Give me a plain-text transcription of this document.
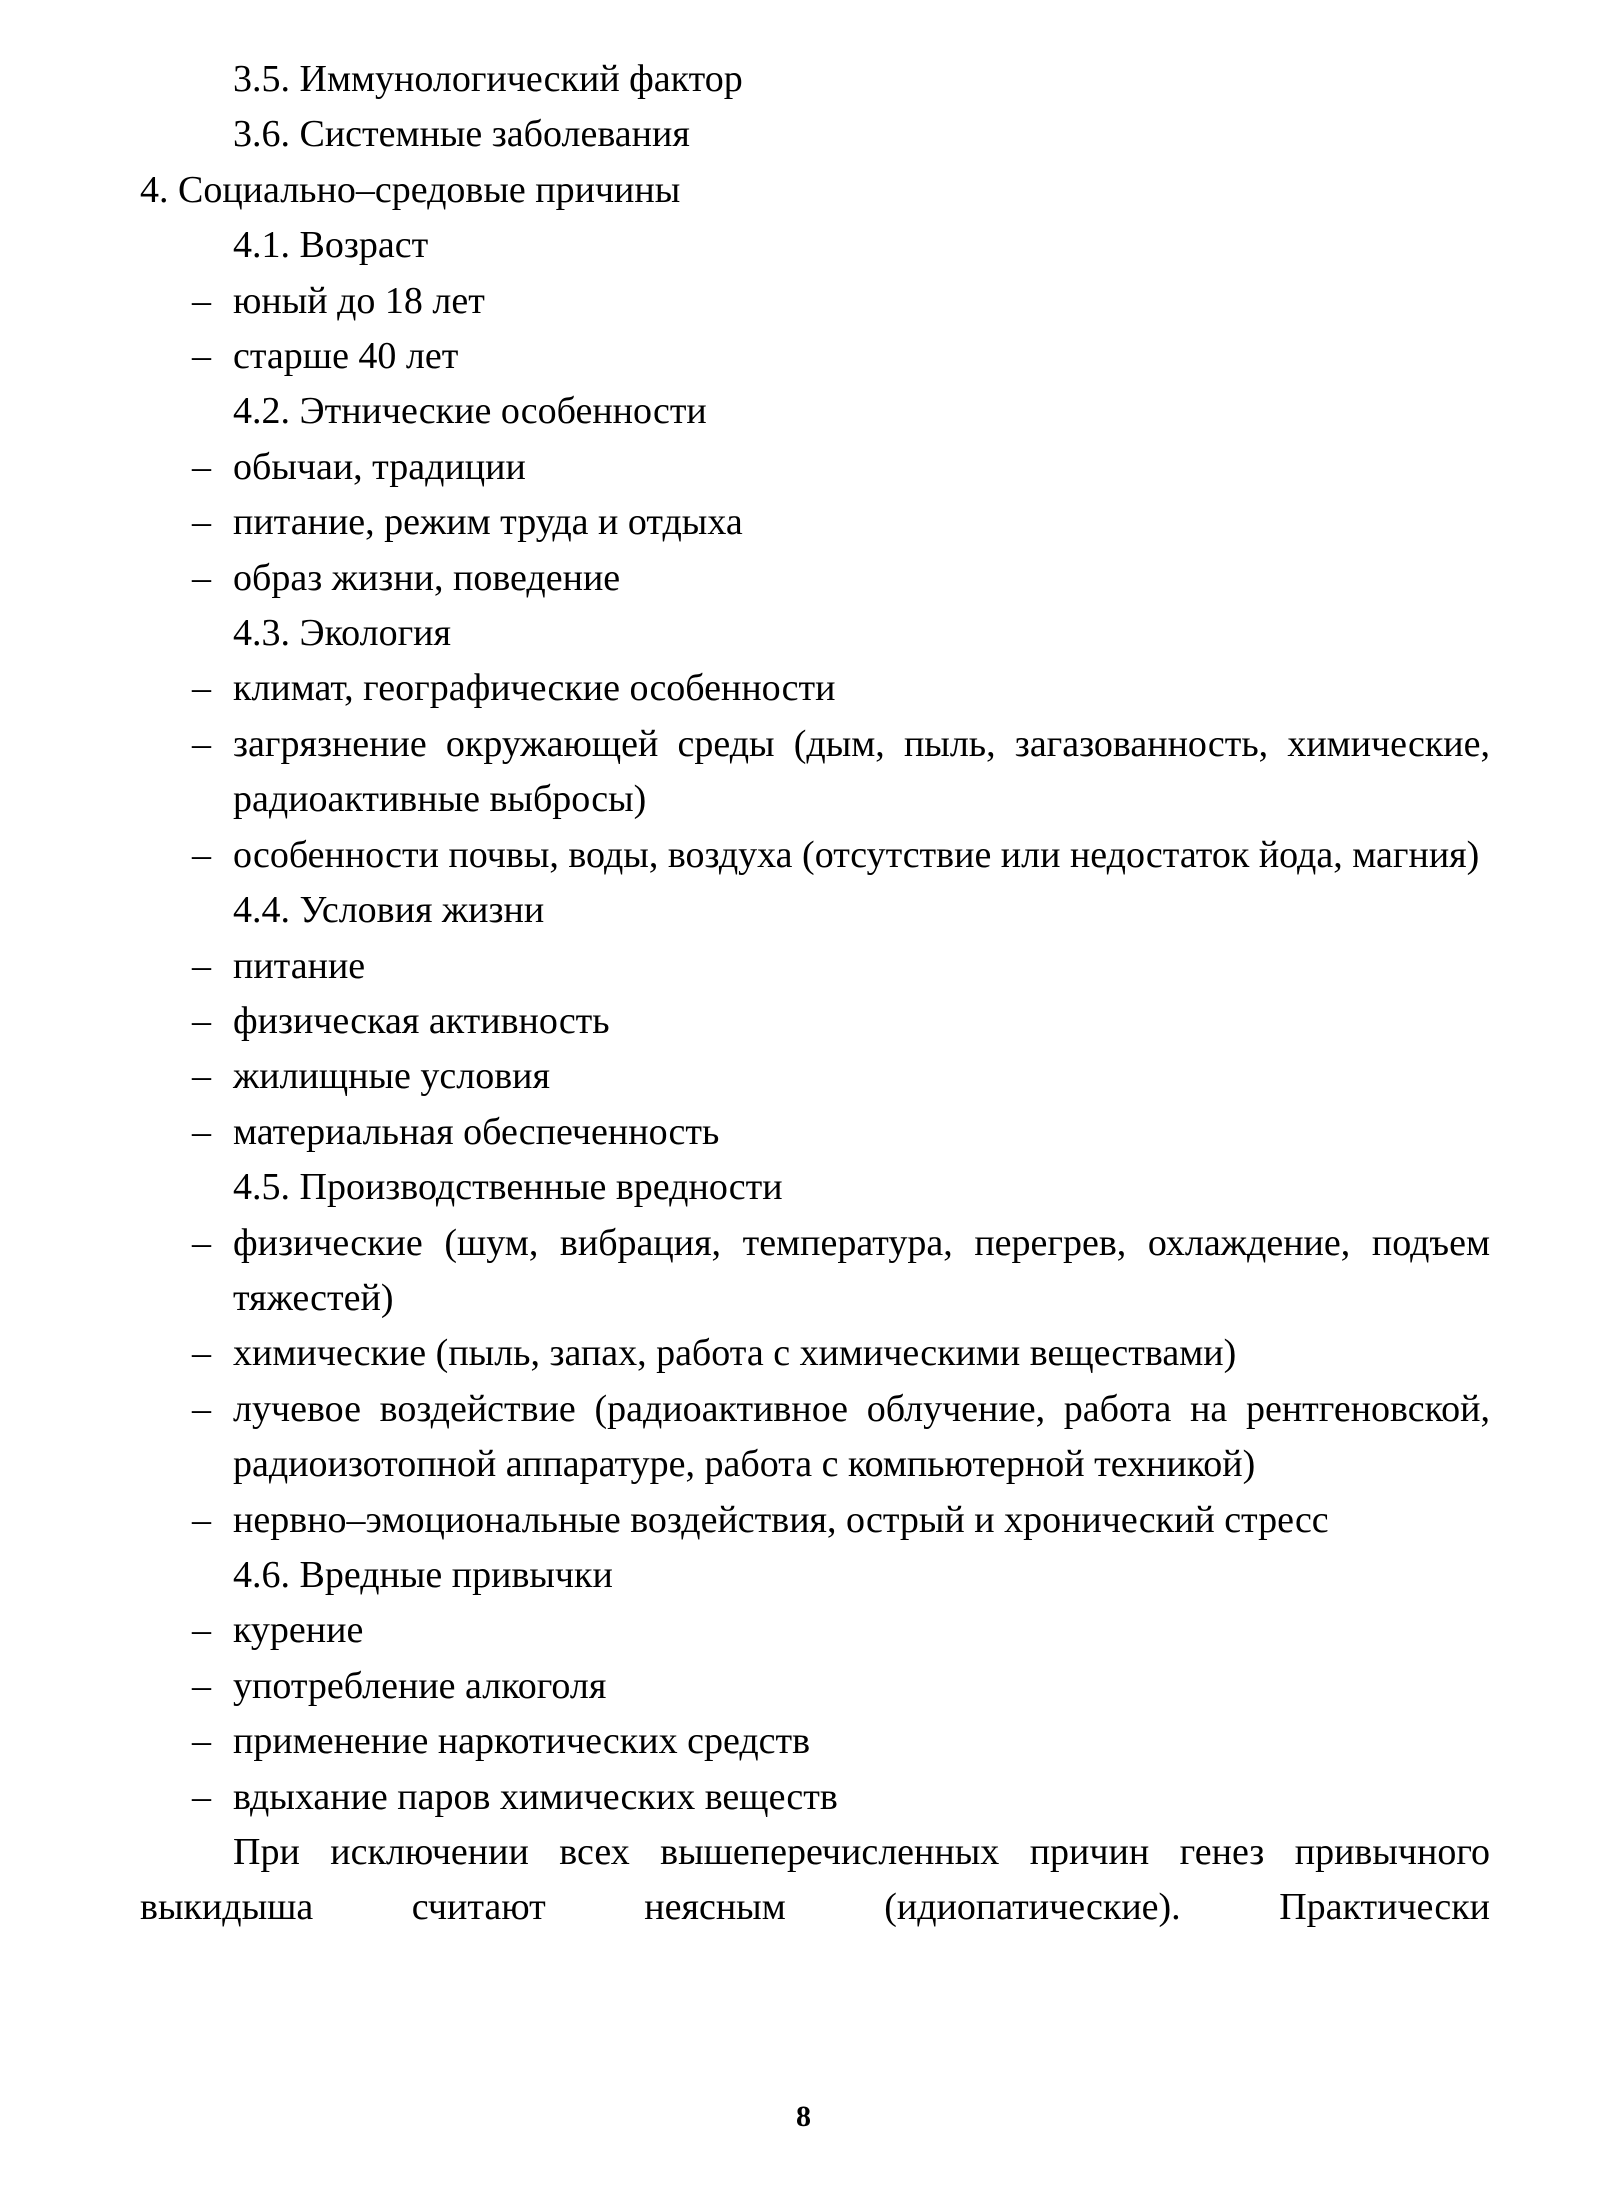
3.5. Иммунологический фактор
3.6. Системные заболевания
4. Социально–средовые причины
4.1. Возраст
– юный до 18 лет
– старше 40 лет
4.2. Этнические особенности
– обычаи, традиции
– питание, режим труда и отдыха
– образ жизни, поведение
4.3. Экология
– климат, географические особенности
– загрязнение окружающей среды (дым, пыль, загазованность, химические, радиоактивные выбросы)
– особенности почвы, воды, воздуха (отсутствие или недостаток йода, магния)
4.4. Условия жизни
– питание
– физическая активность
– жилищные условия
– материальная обеспеченность
4.5. Производственные вредности
– физические (шум, вибрация, температура, перегрев, охлаждение, подъем тяжестей)
– химические (пыль, запах, работа с химическими веществами)
– лучевое воздействие (радиоактивное облучение, работа на рентгеновской, радиоизотопной аппаратуре, работа с компьютерной техникой)
– нервно–эмоциональные воздействия, острый и хронический стресс
4.6. Вредные привычки
– курение
– употребление алкоголя
– применение наркотических средств
– вдыхание паров химических веществ
При исключении всех вышеперечисленных причин генез привычного выкидыша считают неясным (идиопатические). Практически
8
